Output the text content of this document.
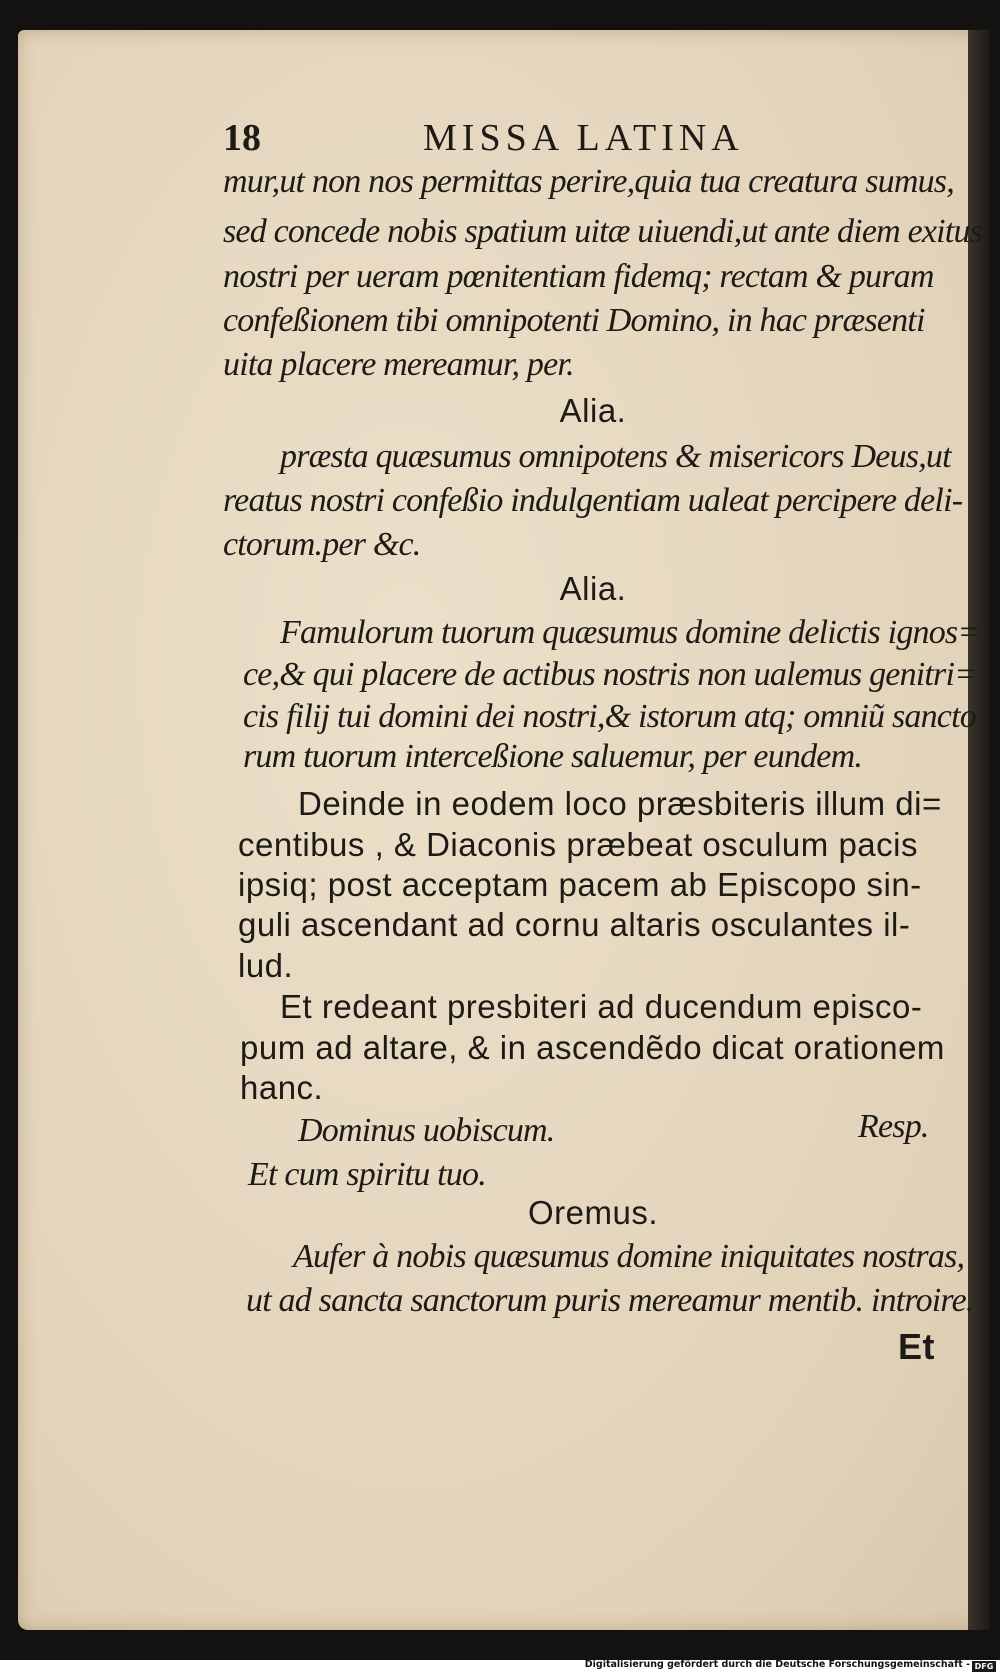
18	MISSA LATINA
mur,ut non nos permittas perire,quia tua creatura sumus,
sed concede nobis spatium uitæ uiuendi,ut ante diem exitus
nostri per ueram pœnitentiam fidemq; rectam & puram
confeßionem tibi omnipotenti Domino, in hac præsenti
uita placere mereamur, per.
Alia.
præsta quæsumus omnipotens & misericors Deus,ut
reatus nostri confeßio indulgentiam ualeat percipere deli-
ctorum.per &c.
Alia.
Famulorum tuorum quæsumus domine delictis ignos=
ce,& qui placere de actibus nostris non ualemus genitri=
cis filij tui domini dei nostri,& istorum atq; omniũ sancto
rum tuorum interceßione saluemur, per eundem.
Deinde in eodem loco præsbiteris illum di=
centibus , & Diaconis præbeat osculum pacis
ipsiq; post acceptam pacem ab Episcopo sin-
guli ascendant ad cornu altaris osculantes il-
lud.
Et redeant presbiteri ad ducendum episco-
pum ad altare, & in ascendẽdo dicat orationem
hanc.
Dominus uobiscum.	Resp.
Et cum spiritu tuo.
Oremus.
Aufer à nobis quæsumus domine iniquitates nostras,
ut ad sancta sanctorum puris mereamur mentib. introire.
Et
Digitalisierung gefördert durch die Deutsche Forschungsgemeinschaft - DFG
